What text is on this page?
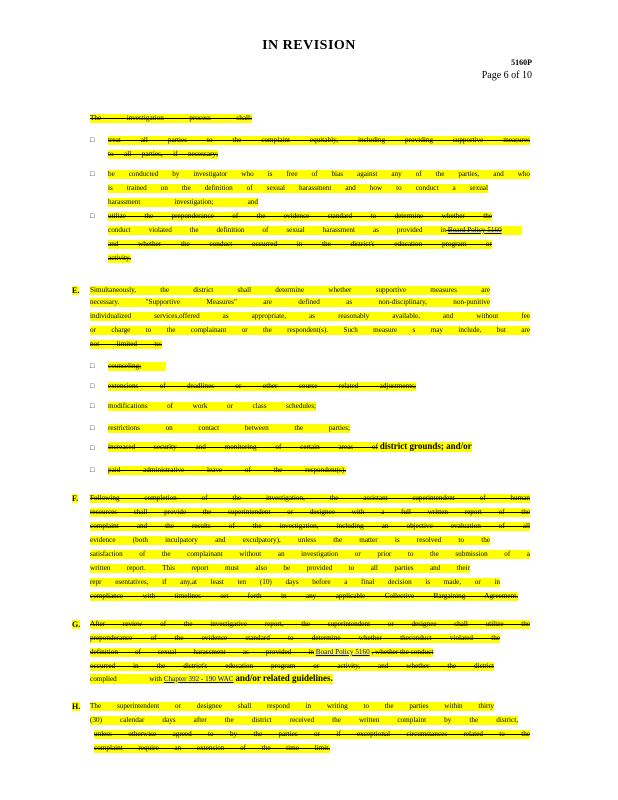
IN REVISION
5160P
Page 6 of 10
The investigation process shall:
□ treat all parties to the complaint equitably, including providing supportive measures
to all parties, if necessary;
□ be conducted by investigator who is free of bias against any of the parties, and who
is trained on the definition of sexual harassment and how to conduct a sexual
harassment investigation; and
□ utilize the preponderance of the evidence standard to determine whether the
conduct violated the definition of sexual harassment as provided in Board Policy 5160
and whether the conduct occurred in the district's education program or
activity.
E. Simultaneously, the district shall determine whether supportive measures are
necessary. "Supportive Measures" are defined as non-disciplinary, non-punitive
individualized services,offered as appropriate, as reasonably available, and without fee
or charge to the complainant or the respondent(s). Such measure s may include, but are
not limited to:
□ counseling;
□ extensions of deadlines or other course related adjustments;
□ modifications of work or class schedules;
□ restrictions on contact between the parties;
□ increased security and monitoring of certain areas of district grounds; and/or
□ paid administrative leave of the respondent(s).
F. Following completion of the investigation, the assistant superintendent of human
resources shall provide the superintendent or designee with a full written report of the
complaint and the results of the investigation, including an objective evaluation of all
evidence (both inculpatory and exculpatory), unless the matter is resolved to the
satisfaction of the complainant without an investigation or prior to the submission of a
written report. This report must also be provided to all parties and their
repr esentatives, if any,at least ten (10) days before a final decision is made, or in
compliance with timelines set forth in any applicable Collective Bargaining Agreement.
G. After review of the investigative report, the superintendent or designee shall utilize the
preponderance of the evidence standard to determine whether theconduct violated the
definition of sexual harassment as provided in Board Policy 5160 , whether the conduct
occurred in the district's education program or activity, and whether the district
complied with Chapter 392 - 190 WAC and/or related guidelines.
H. The superintendent or designee shall respond in writing to the parties within thirty
(30) calendar days after the district received the written complaint by the district,
unless otherwise agreed to by the parties or if exceptional circumstances related to the
complaint require an extension of the time limit.
